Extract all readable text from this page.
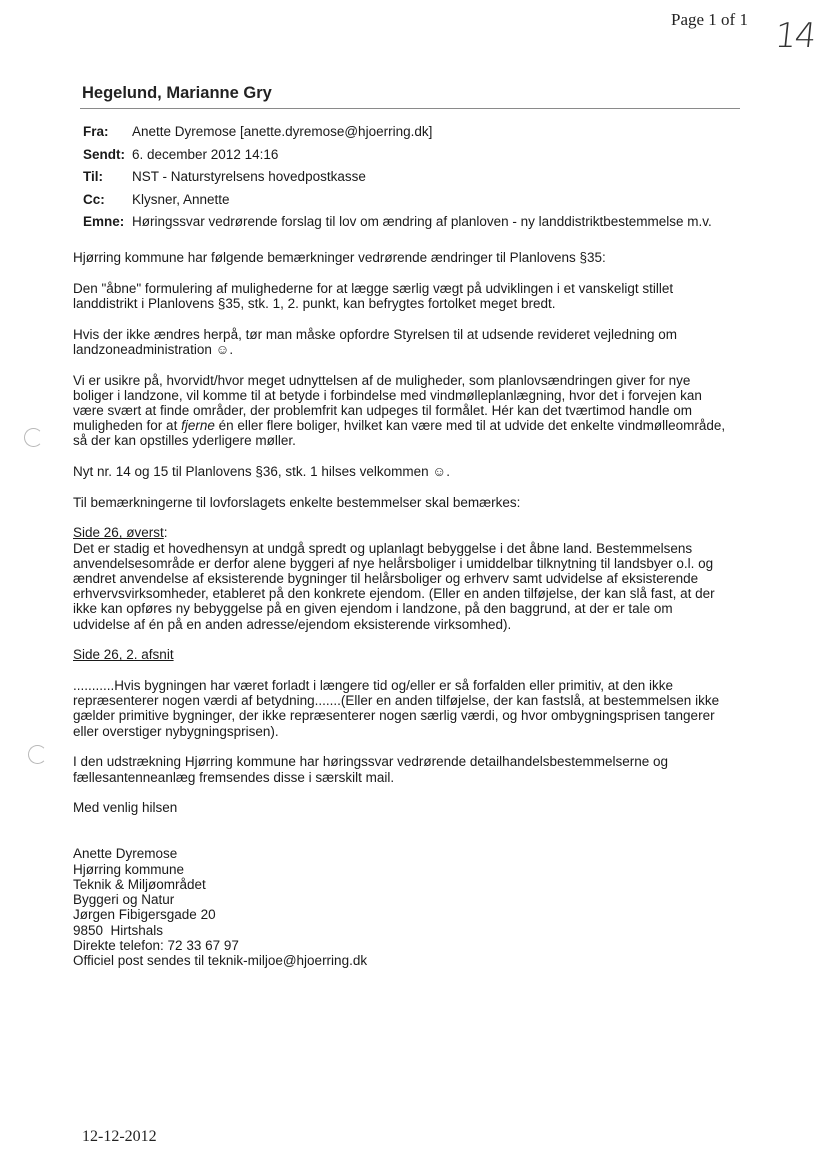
Page 1 of 1 14
Hegelund, Marianne Gry
Fra:	Anette Dyremose [anette.dyremose@hjoerring.dk]
Sendt: 6. december 2012 14:16
Til:	NST - Naturstyrelsens hovedpostkasse
Cc:	Klysner, Annette
Emne: Høringssvar vedrørende forslag til lov om ændring af planloven - ny landdistriktbestemmelse m.v.

Hjørring kommune har følgende bemærkninger vedrørende ændringer til Planlovens §35:

Den "åbne" formulering af mulighederne for at lægge særlig vægt på udviklingen i et vanskeligt stillet
landdistrikt i Planlovens §35, stk. 1, 2. punkt, kan befrygtes fortolket meget bredt.

Hvis der ikke ændres herpå, tør man måske opfordre Styrelsen til at udsende revideret vejledning om
landzoneadministration ☺.

Vi er usikre på, hvorvidt/hvor meget udnyttelsen af de muligheder, som planlovsændringen giver for nye
boliger i landzone, vil komme til at betyde i forbindelse med vindmølleplanlægning, hvor det i forvejen kan
være svært at finde områder, der problemfrit kan udpeges til formålet. Hér kan det tværtimod handle om
muligheden for at fjerne én eller flere boliger, hvilket kan være med til at udvide det enkelte vindmølleområde,
så der kan opstilles yderligere møller.

Nyt nr. 14 og 15 til Planlovens §36, stk. 1 hilses velkommen ☺.

Til bemærkningerne til lovforslagets enkelte bestemmelser skal bemærkes:

Side 26, øverst:
Det er stadig et hovedhensyn at undgå spredt og uplanlagt bebyggelse i det åbne land. Bestemmelsens
anvendelsesområde er derfor alene byggeri af nye helårsboliger i umiddelbar tilknytning til landsbyer o.l. og
ændret anvendelse af eksisterende bygninger til helårsboliger og erhverv samt udvidelse af eksisterende
erhvervsvirksomheder, etableret på den konkrete ejendom. (Eller en anden tilføjelse, der kan slå fast, at der
ikke kan opføres ny bebyggelse på en given ejendom i landzone, på den baggrund, at der er tale om
udvidelse af én på en anden adresse/ejendom eksisterende virksomhed).

Side 26, 2. afsnit

...........Hvis bygningen har været forladt i længere tid og/eller er så forfalden eller primitiv, at den ikke
repræsenterer nogen værdi af betydning.......(Eller en anden tilføjelse, der kan fastslå, at bestemmelsen ikke
gælder primitive bygninger, der ikke repræsenterer nogen særlig værdi, og hvor ombygningsprisen tangerer
eller overstiger nybygningsprisen).

I den udstrækning Hjørring kommune har høringssvar vedrørende detailhandelsbestemmelserne og
fællesantenneanlæg fremsendes disse i særskilt mail.

Med venlig hilsen

Anette Dyremose
Hjørring kommune
Teknik & Miljøområdet
Byggeri og Natur
Jørgen Fibigersgade 20
9850  Hirtshals
Direkte telefon: 72 33 67 97
Officiel post sendes til teknik-miljoe@hjoerring.dk
12-12-2012
